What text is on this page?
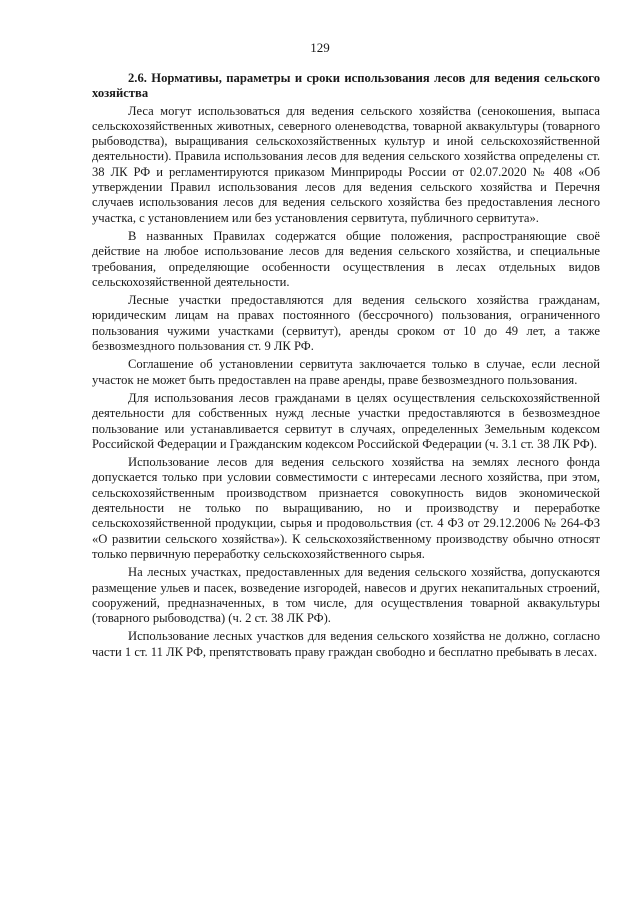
129

2.6. Нормативы, параметры и сроки использования лесов для ведения сельского хозяйства

Леса могут использоваться для ведения сельского хозяйства (сенокошения, выпаса сельскохозяйственных животных, северного оленеводства, товарной аквакультуры (товарного рыбоводства), выращивания сельскохозяйственных культур и иной сельскохозяйственной деятельности). Правила использования лесов для ведения сельского хозяйства определены ст. 38 ЛК РФ и регламентируются приказом Минприроды России от 02.07.2020 № 408 «Об утверждении Правил использования лесов для ведения сельского хозяйства и Перечня случаев использования лесов для ведения сельского хозяйства без предоставления лесного участка, с установлением или без установления сервитута, публичного сервитута».

В названных Правилах содержатся общие положения, распространяющие своё действие на любое использование лесов для ведения сельского хозяйства, и специальные требования, определяющие особенности осуществления в лесах отдельных видов сельскохозяйственной деятельности.

Лесные участки предоставляются для ведения сельского хозяйства гражданам, юридическим лицам на правах постоянного (бессрочного) пользования, ограниченного пользования чужими участками (сервитут), аренды сроком от 10 до 49 лет, а также безвозмездного пользования ст. 9 ЛК РФ.

Соглашение об установлении сервитута заключается только в случае, если лесной участок не может быть предоставлен на праве аренды, праве безвозмездного пользования.

Для использования лесов гражданами в целях осуществления сельскохозяйственной деятельности для собственных нужд лесные участки предоставляются в безвозмездное пользование или устанавливается сервитут в случаях, определенных Земельным кодексом Российской Федерации и Гражданским кодексом Российской Федерации (ч. 3.1 ст. 38 ЛК РФ).

Использование лесов для ведения сельского хозяйства на землях лесного фонда допускается только при условии совместимости с интересами лесного хозяйства, при этом, сельскохозяйственным производством признается совокупность видов экономической деятельности не только по выращиванию, но и производству и переработке сельскохозяйственной продукции, сырья и продовольствия (ст. 4 ФЗ от 29.12.2006 № 264-ФЗ «О развитии сельского хозяйства»). К сельскохозяйственному производству обычно относят только первичную переработку сельскохозяйственного сырья.

На лесных участках, предоставленных для ведения сельского хозяйства, допускаются размещение ульев и пасек, возведение изгородей, навесов и других некапитальных строений, сооружений, предназначенных, в том числе, для осуществления товарной аквакультуры (товарного рыбоводства) (ч. 2 ст. 38 ЛК РФ).

Использование лесных участков для ведения сельского хозяйства не должно, согласно части 1 ст. 11 ЛК РФ, препятствовать праву граждан свободно и бесплатно пребывать в лесах.
